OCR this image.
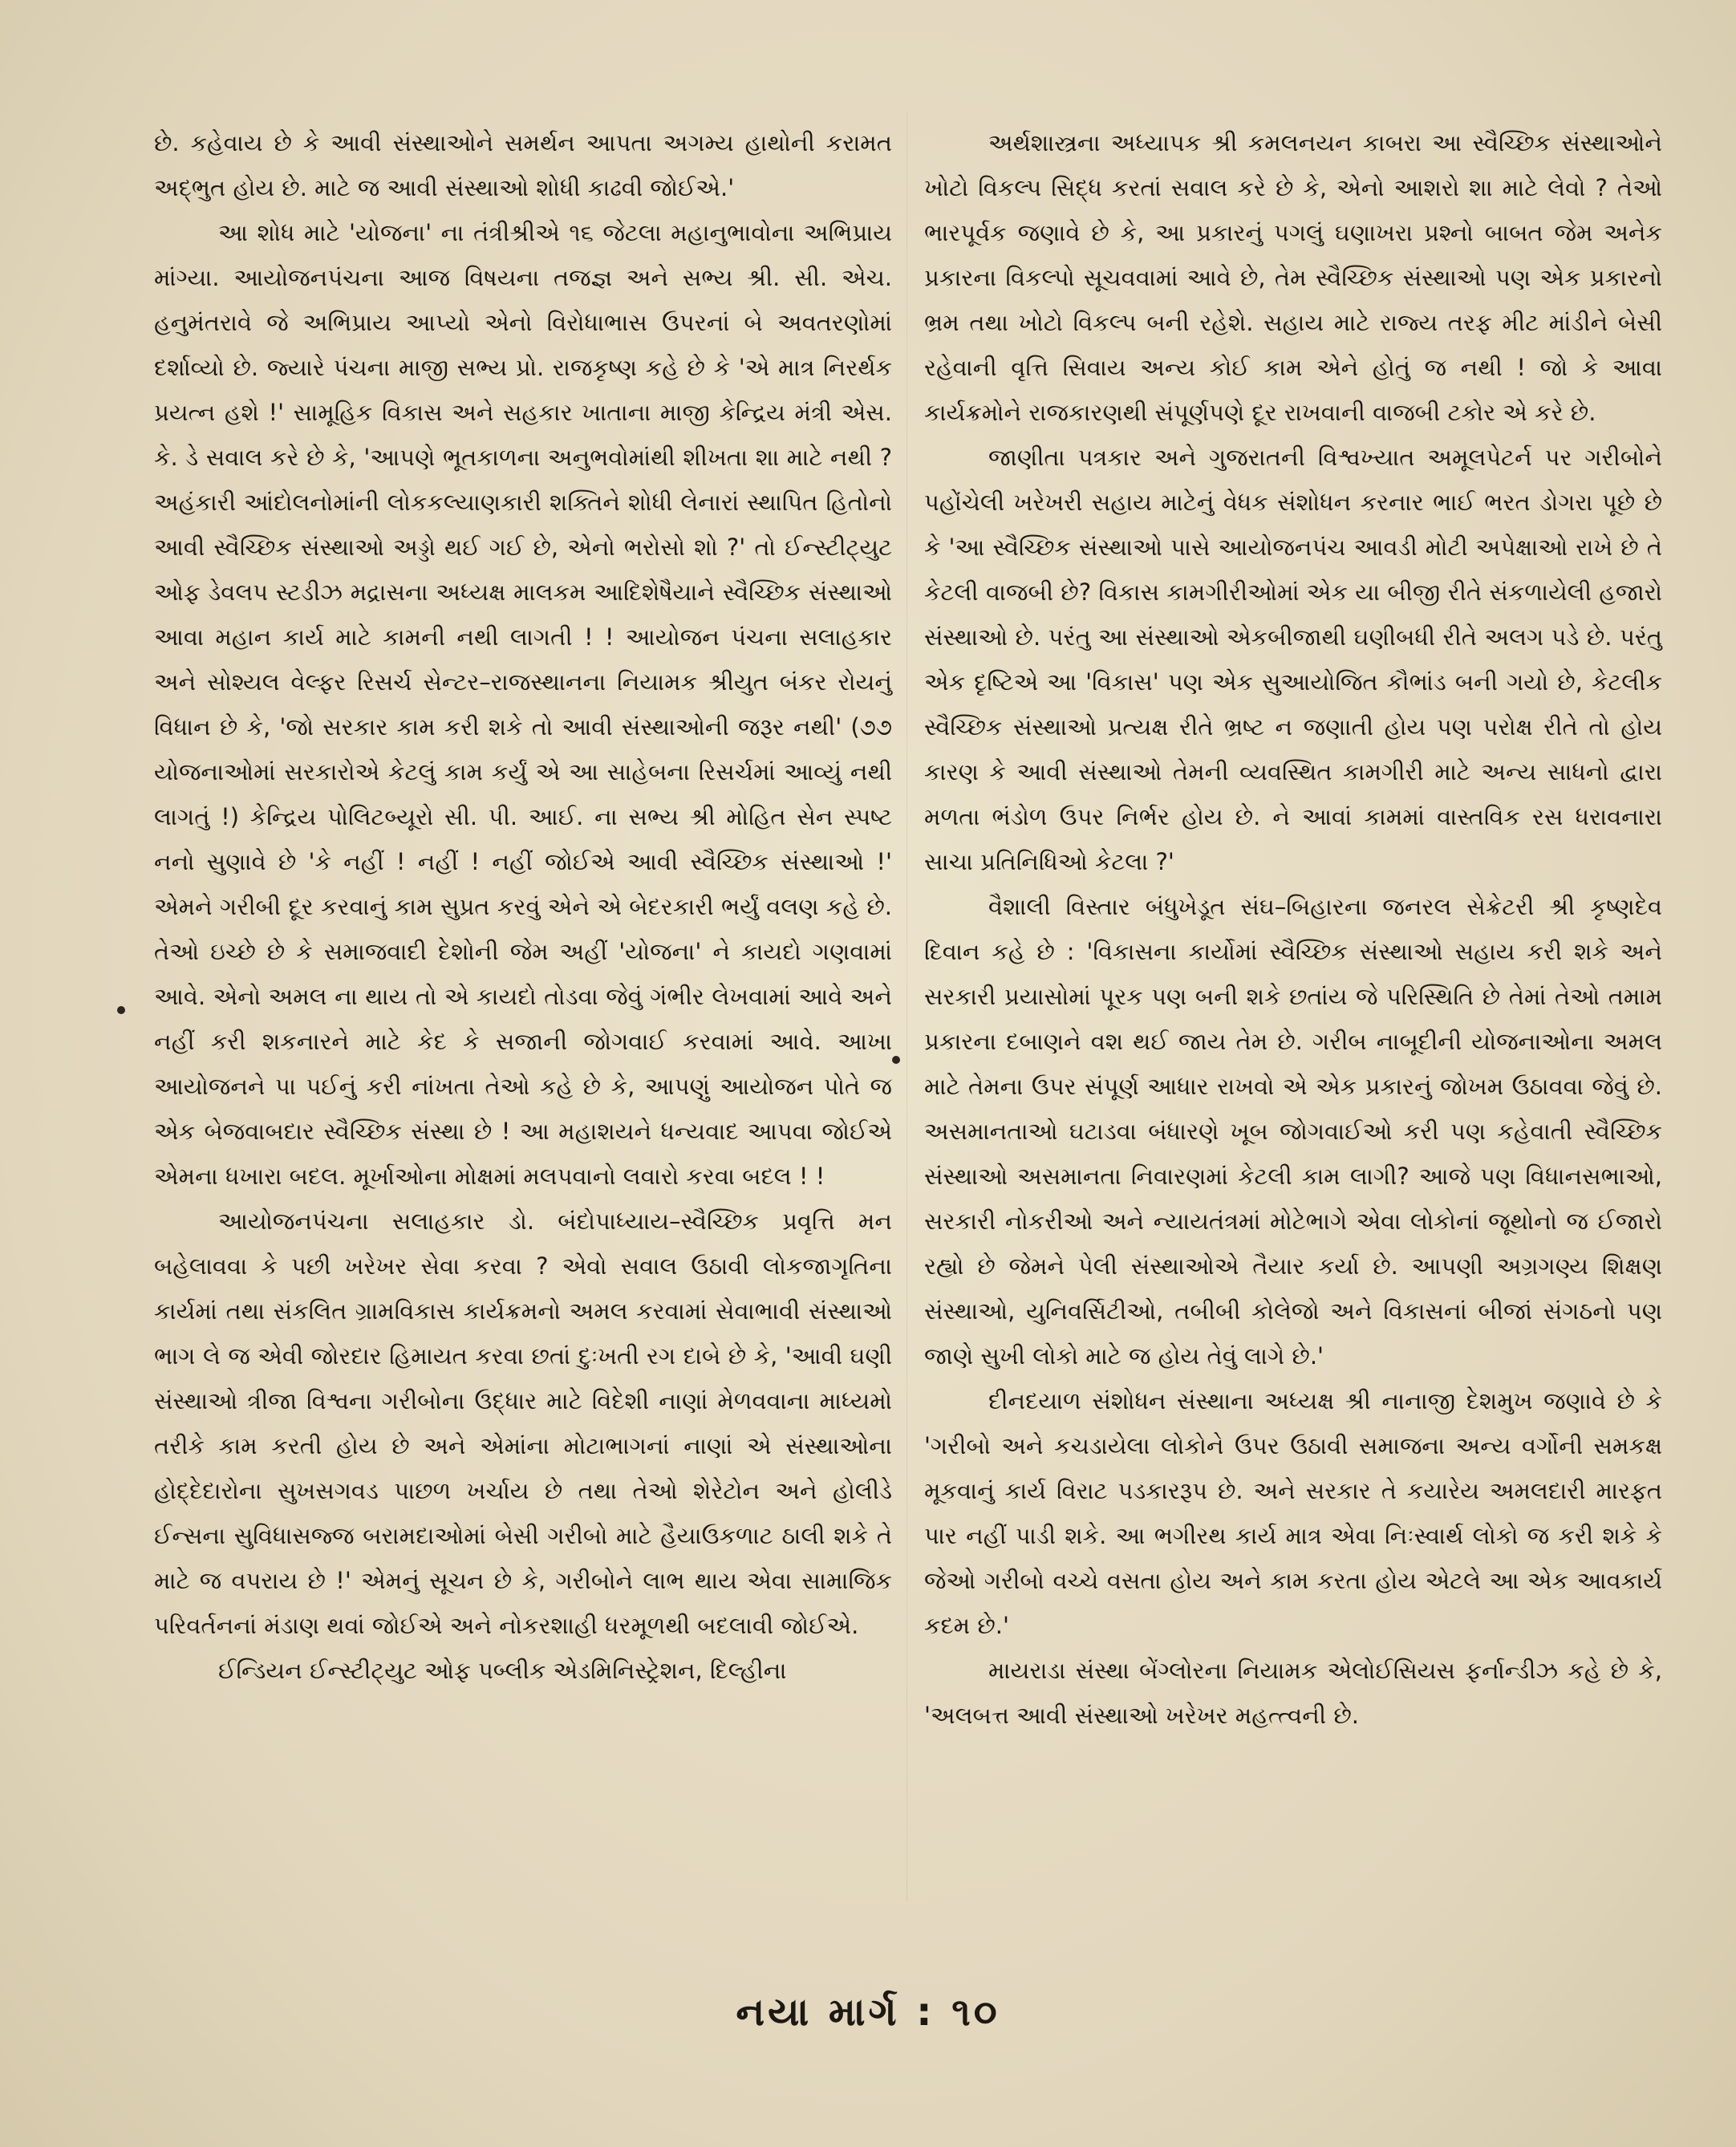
છે. કહેવાય છે કે આવી સંસ્થાઓને સમર્થન આપતા અગમ્ય હાથોની કરામત અદ્ભુત હોય છે. માટે જ આવી સંસ્થાઓ શોધી કાઢવી જોઈએ.'

આ શોધ માટે 'યોજના' ના તંત્રીશ્રીએ ૧૬ જેટલા મહાનુભાવોના અભિપ્રાય માંગ્યા. આયોજનપંચના આજ વિષયના તજજ્ઞ અને સભ્ય શ્રી. સી. એચ. હનુમંતરાવે જે અભિપ્રાય આપ્યો એનો વિરોધાભાસ ઉપરનાં બે અવતરણોમાં દર્શાવ્યો છે. જ્યારે પંચના માજી સભ્ય પ્રો. રાજકૃષ્ણ કહે છે કે 'એ માત્ર નિરર્થક પ્રયત્ન હશે !' સામૂહિક વિકાસ અને સહકાર ખાતાના માજી કેન્દ્રિય મંત્રી એસ. કે. ડે સવાલ કરે છે કે, 'આપણે ભૂતકાળના અનુભવોમાંથી શીખતા શા માટે નથી ? અહંકારી આંદોલનોમાંની લોકકલ્યાણકારી શક્તિને શોધી લેનારાં સ્થાપિત હિતોનો આવી સ્વૈચ્છિક સંસ્થાઓ અડ્ડો થઈ ગઈ છે, એનો ભરોસો શો ?' તો ઈન્સ્ટીટ્યુટ ઓફ ડેવલપ સ્ટડીઝ મદ્રાસના અધ્યક્ષ માલકમ આદિશેષૈયાને સ્વૈચ્છિક સંસ્થાઓ આવા મહાન કાર્ય માટે કામની નથી લાગતી ! ! આયોજન પંચના સલાહકાર અને સોશ્યલ વેલ્ફર રિસર્ચ સેન્ટર–રાજસ્થાનના નિયામક શ્રીયુત બંકર રોયનું વિધાન છે કે, 'જો સરકાર કામ કરી શકે તો આવી સંસ્થાઓની જરૂર નથી' (૭૭ યોજનાઓમાં સરકારોએ કેટલું કામ કર્યું એ આ સાહેબના રિસર્ચમાં આવ્યું નથી લાગતું !) કેન્દ્રિય પોલિટબ્યૂરો સી. પી. આઈ. ના સભ્ય શ્રી મોહિત સેન સ્પષ્ટ નનો સુણાવે છે 'કે નહીં ! નહીં ! નહીં જોઈએ આવી સ્વૈચ્છિક સંસ્થાઓ !' એમને ગરીબી દૂર કરવાનું કામ સુપ્રત કરવું એને એ બેદરકારી ભર્યું વલણ કહે છે. તેઓ ઇચ્છે છે કે સમાજવાદી દેશોની જેમ અહીં 'યોજના' ને કાયદો ગણવામાં આવે. એનો અમલ ના થાય તો એ કાયદો તોડવા જેવું ગંભીર લેખવામાં આવે અને નહીં કરી શકનારને માટે કેદ કે સજાની જોગવાઈ કરવામાં આવે. આખા આયોજનને પા પઈનું કરી નાંખતા તેઓ કહે છે કે, આપણું આયોજન પોતે જ એક બેજવાબદાર સ્વૈચ્છિક સંસ્થા છે ! આ મહાશયને ધન્યવાદ આપવા જોઈએ એમના ધખારા બદલ. મૂર્ખાઓના મોક્ષમાં મલપવાનો લવારો કરવા બદલ ! !

આયોજનપંચના સલાહકાર ડો. બંદોપાધ્યાય–સ્વૈચ્છિક પ્રવૃત્તિ મન બહેલાવવા કે પછી ખરેખર સેવા કરવા ? એવો સવાલ ઉઠાવી લોકજાગૃતિના કાર્યમાં તથા સંકલિત ગ્રામવિકાસ કાર્યક્રમનો અમલ કરવામાં સેવાભાવી સંસ્થાઓ ભાગ લે જ એવી જોરદાર હિમાયત કરવા છતાં દુઃખતી રગ દાબે છે કે, 'આવી ઘણી સંસ્થાઓ ત્રીજા વિશ્વના ગરીબોના ઉદ્ધાર માટે વિદેશી નાણાં મેળવવાના માધ્યમો તરીકે કામ કરતી હોય છે અને એમાંના મોટાભાગનાં નાણાં એ સંસ્થાઓના હોદ્દેદારોના સુખસગવડ પાછળ ખર્ચાય છે તથા તેઓ શેરેટોન અને હોલીડે ઈન્સના સુવિધાસજ્જ બરામદાઓમાં બેસી ગરીબો માટે હૈયાઉકળાટ ઠાલી શકે તે માટે જ વપરાય છે !' એમનું સૂચન છે કે, ગરીબોને લાભ થાય એવા સામાજિક પરિવર્તનનાં મંડાણ થવાં જોઈએ અને નોકરશાહી ધરમૂળથી બદલાવી જોઈએ.

ઈન્ડિયન ઈન્સ્ટીટ્યુટ ઓફ પબ્લીક એડમિનિસ્ટ્રેશન, દિલ્હીના

અર્થશાસ્ત્રના અધ્યાપક શ્રી કમલનયન કાબરા આ સ્વૈચ્છિક સંસ્થાઓને ખોટો વિકલ્પ સિદ્ધ કરતાં સવાલ કરે છે કે, એનો આશરો શા માટે લેવો ? તેઓ ભારપૂર્વક જણાવે છે કે, આ પ્રકારનું પગલું ઘણાખરા પ્રશ્નો બાબત જેમ અનેક પ્રકારના વિકલ્પો સૂચવવામાં આવે છે, તેમ સ્વૈચ્છિક સંસ્થાઓ પણ એક પ્રકારનો ભ્રમ તથા ખોટો વિકલ્પ બની રહેશે. સહાય માટે રાજ્ય તરફ મીટ માંડીને બેસી રહેવાની વૃત્તિ સિવાય અન્ય કોઈ કામ એને હોતું જ નથી ! જો કે આવા કાર્યક્રમોને રાજકારણથી સંપૂર્ણપણે દૂર રાખવાની વાજબી ટકોર એ કરે છે.

જાણીતા પત્રકાર અને ગુજરાતની વિશ્વખ્યાત અમૂલપેટર્ન પર ગરીબોને પહોંચેલી ખરેખરી સહાય માટેનું વેધક સંશોધન કરનાર ભાઈ ભરત ડોગરા પૂછે છે કે 'આ સ્વૈચ્છિક સંસ્થાઓ પાસે આયોજનપંચ આવડી મોટી અપેક્ષાઓ રાખે છે તે કેટલી વાજબી છે? વિકાસ કામગીરીઓમાં એક યા બીજી રીતે સંકળાયેલી હજારો સંસ્થાઓ છે. પરંતુ આ સંસ્થાઓ એકબીજાથી ઘણીબધી રીતે અલગ પડે છે. પરંતુ એક દૃષ્ટિએ આ 'વિકાસ' પણ એક સુઆયોજિત કૌભાંડ બની ગયો છે, કેટલીક સ્વૈચ્છિક સંસ્થાઓ પ્રત્યક્ષ રીતે ભ્રષ્ટ ન જણાતી હોય પણ પરોક્ષ રીતે તો હોય કારણ કે આવી સંસ્થાઓ તેમની વ્યવસ્થિત કામગીરી માટે અન્ય સાધનો દ્વારા મળતા ભંડોળ ઉપર નિર્ભર હોય છે. ને આવાં કામમાં વાસ્તવિક રસ ધરાવનારા સાચા પ્રતિનિધિઓ કેટલા ?'

વૈશાલી વિસ્તાર બંધુખેડૂત સંઘ–બિહારના જનરલ સેક્રેટરી શ્રી કૃષ્ણદેવ દિવાન કહે છે : 'વિકાસના કાર્યોમાં સ્વૈચ્છિક સંસ્થાઓ સહાય કરી શકે અને સરકારી પ્રયાસોમાં પૂરક પણ બની શકે છતાંય જે પરિસ્થિતિ છે તેમાં તેઓ તમામ પ્રકારના દબાણને વશ થઈ જાય તેમ છે. ગરીબ નાબૂદીની યોજનાઓના અમલ માટે તેમના ઉપર સંપૂર્ણ આધાર રાખવો એ એક પ્રકારનું જોખમ ઉઠાવવા જેવું છે. અસમાનતાઓ ઘટાડવા બંધારણે ખૂબ જોગવાઈઓ કરી પણ કહેવાતી સ્વૈચ્છિક સંસ્થાઓ અસમાનતા નિવારણમાં કેટલી કામ લાગી? આજે પણ વિધાનસભાઓ, સરકારી નોકરીઓ અને ન્યાયતંત્રમાં મોટેભાગે એવા લોકોનાં જૂથોનો જ ઈજારો રહ્યો છે જેમને પેલી સંસ્થાઓએ તૈયાર કર્યા છે. આપણી અગ્રગણ્ય શિક્ષણ સંસ્થાઓ, યુનિવર્સિટીઓ, તબીબી કોલેજો અને વિકાસનાં બીજાં સંગઠનો પણ જાણે સુખી લોકો માટે જ હોય તેવું લાગે છે.'

દીનદયાળ સંશોધન સંસ્થાના અધ્યક્ષ શ્રી નાનાજી દેશમુખ જણાવે છે કે 'ગરીબો અને કચડાયેલા લોકોને ઉપર ઉઠાવી સમાજના અન્ય વર્ગોની સમકક્ષ મૂકવાનું કાર્ય વિરાટ પડકારરૂપ છે. અને સરકાર તે કયારેય અમલદારી મારફત પાર નહીં પાડી શકે. આ ભગીરથ કાર્ય માત્ર એવા નિઃસ્વાર્થ લોકો જ કરી શકે કે જેઓ ગરીબો વચ્ચે વસતા હોય અને કામ કરતા હોય એટલે આ એક આવકાર્ય કદમ છે.'

માયરાડા સંસ્થા બેંગ્લોરના નિયામક એલોઈસિયસ ફર્નાન્ડીઝ કહે છે કે, 'અલબત્ત આવી સંસ્થાઓ ખરેખર મહત્ત્વની છે.

નયા માર્ગ : ૧૦
